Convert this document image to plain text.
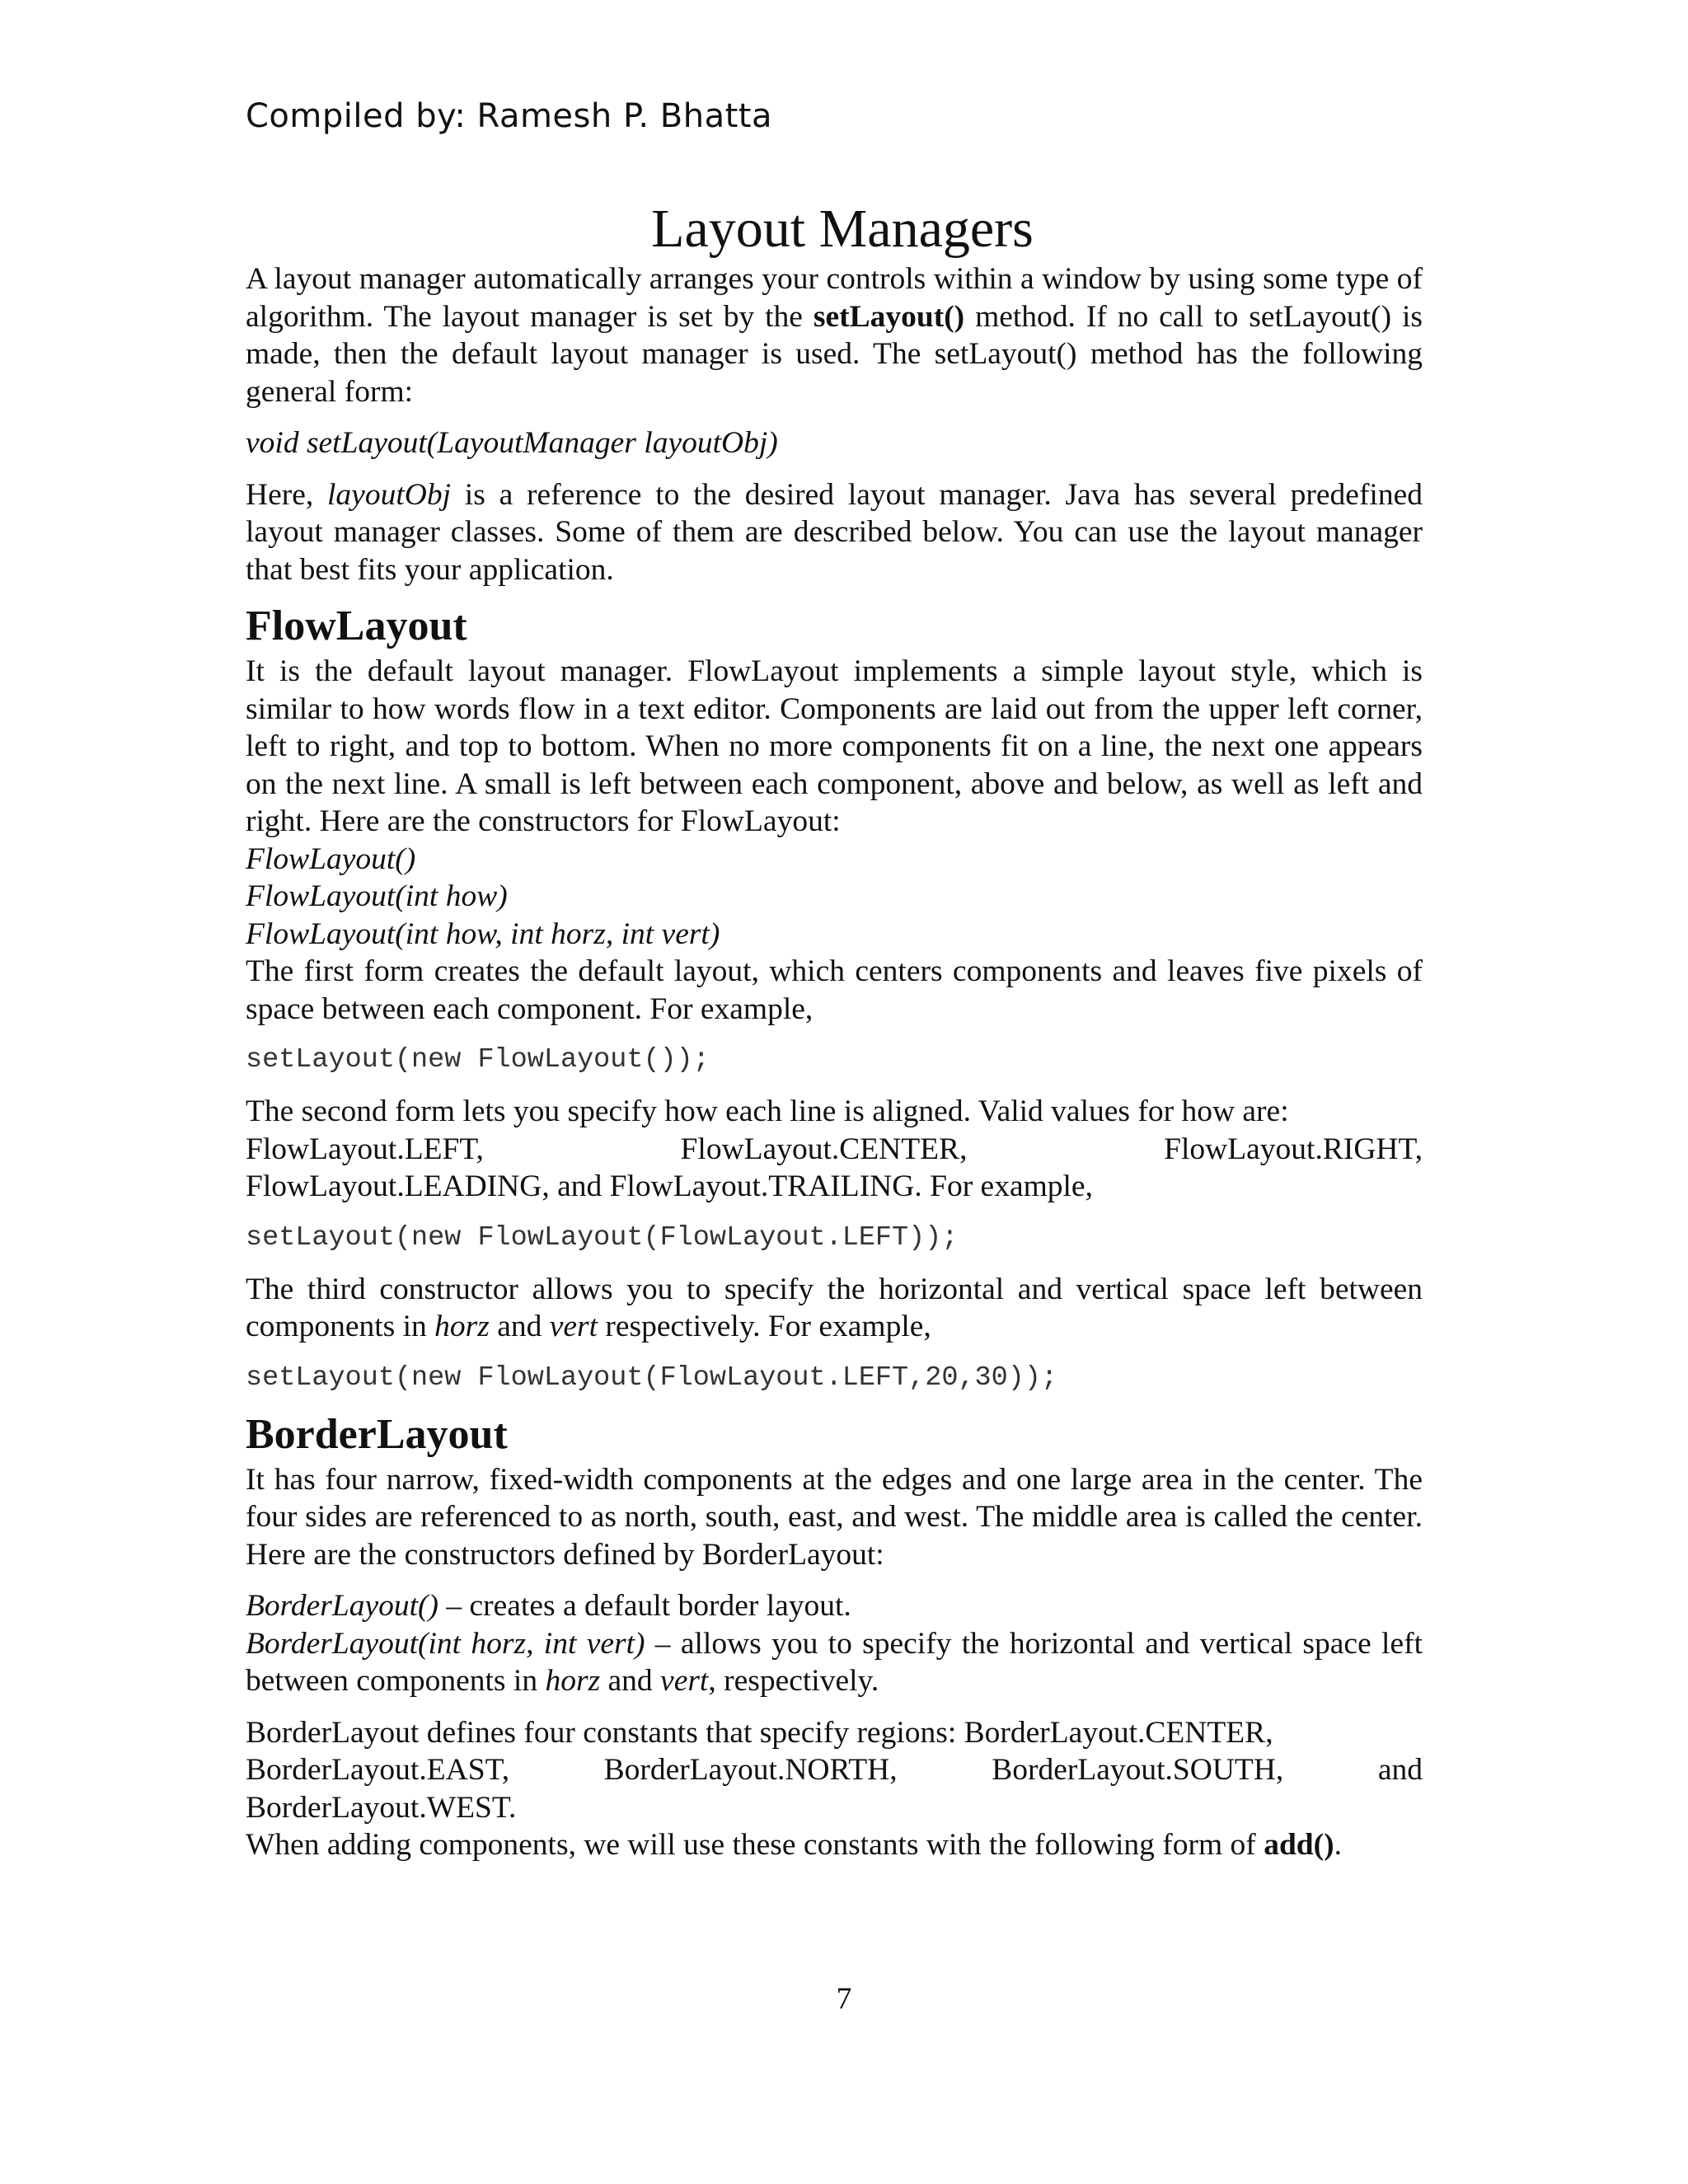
Compiled by: Ramesh P. Bhatta
Layout Managers

A layout manager automatically arranges your controls within a window by using some type of algorithm. The layout manager is set by the setLayout() method. If no call to setLayout() is made, then the default layout manager is used. The setLayout() method has the following general form:

void setLayout(LayoutManager layoutObj)

Here, layoutObj is a reference to the desired layout manager. Java has several predefined layout manager classes. Some of them are described below. You can use the layout manager that best fits your application.

FlowLayout

It is the default layout manager. FlowLayout implements a simple layout style, which is similar to how words flow in a text editor. Components are laid out from the upper left corner, left to right, and top to bottom. When no more components fit on a line, the next one appears on the next line. A small is left between each component, above and below, as well as left and right. Here are the constructors for FlowLayout:

FlowLayout()

FlowLayout(int how)

FlowLayout(int how, int horz, int vert)

The first form creates the default layout, which centers components and leaves five pixels of space between each component. For example,

setLayout(new FlowLayout());

The second form lets you specify how each line is aligned. Valid values for how are:

FlowLayout.LEFT,	FlowLayout.CENTER,	FlowLayout.RIGHT,

FlowLayout.LEADING, and FlowLayout.TRAILING. For example,

setLayout(new FlowLayout(FlowLayout.LEFT));

The third constructor allows you to specify the horizontal and vertical space left between components in horz and vert respectively. For example,

setLayout(new FlowLayout(FlowLayout.LEFT,20,30));
BorderLayout

It has four narrow, fixed-width components at the edges and one large area in the center. The four sides are referenced to as north, south, east, and west. The middle area is called the center. Here are the constructors defined by BorderLayout:

BorderLayout() – creates a default border layout.

BorderLayout(int horz, int vert) – allows you to specify the horizontal and vertical space left between components in horz and vert, respectively.

BorderLayout defines four constants that specify regions: BorderLayout.CENTER,

BorderLayout.EAST,	BorderLayout.NORTH,	BorderLayout.SOUTH,	and

BorderLayout.WEST.

When adding components, we will use these constants with the following form of add().

7
